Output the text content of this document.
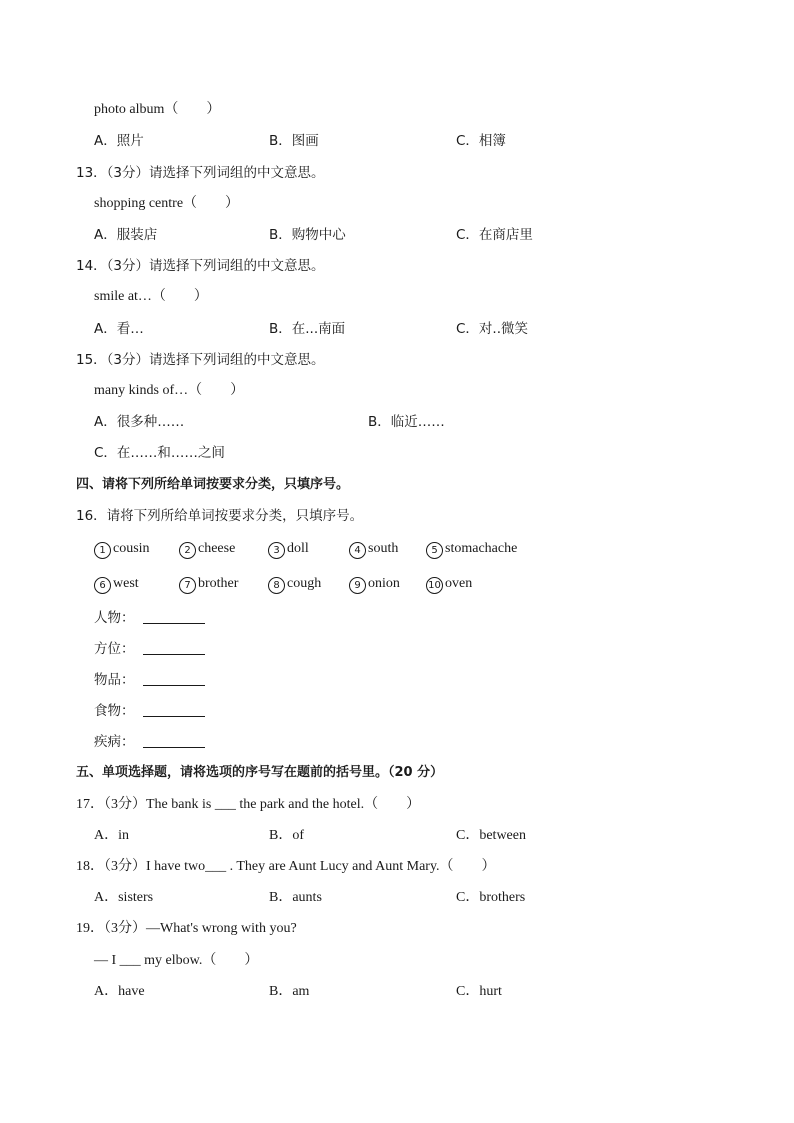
photo album（　　）
A．照片	B．图画	C．相簿
13．（3分）请选择下列词组的中文意思。
shopping centre（　　）
A．服装店	B．购物中心	C．在商店里
14．（3分）请选择下列词组的中文意思。
smile at…（　　）
A．看…	B．在...南面	C．对..微笑
15．（3分）请选择下列词组的中文意思。
many kinds of…（　　）
A．很多种……	B．临近……
C．在……和……之间
四、请将下列所给单词按要求分类，只填序号。
16．请将下列所给单词按要求分类，只填序号。
1 cousin	2 cheese	3 doll	4 south	5 stomachache
6 west	7 brother	8 cough	9 onion	10 oven
人物：
方位：
物品：
食物：
疾病：
五、单项选择题，请将选项的序号写在题前的括号里。（20 分）
17．（3分）The bank is ___ the park and the hotel.（　　）
A．in	B．of	C．between
18．（3分）I have two___ . They are Aunt Lucy and Aunt Mary.（　　）
A．sisters	B．aunts	C．brothers
19．（3分）—What's wrong with you?
— I ___ my elbow.（　　）
A．have	B．am	C．hurt
